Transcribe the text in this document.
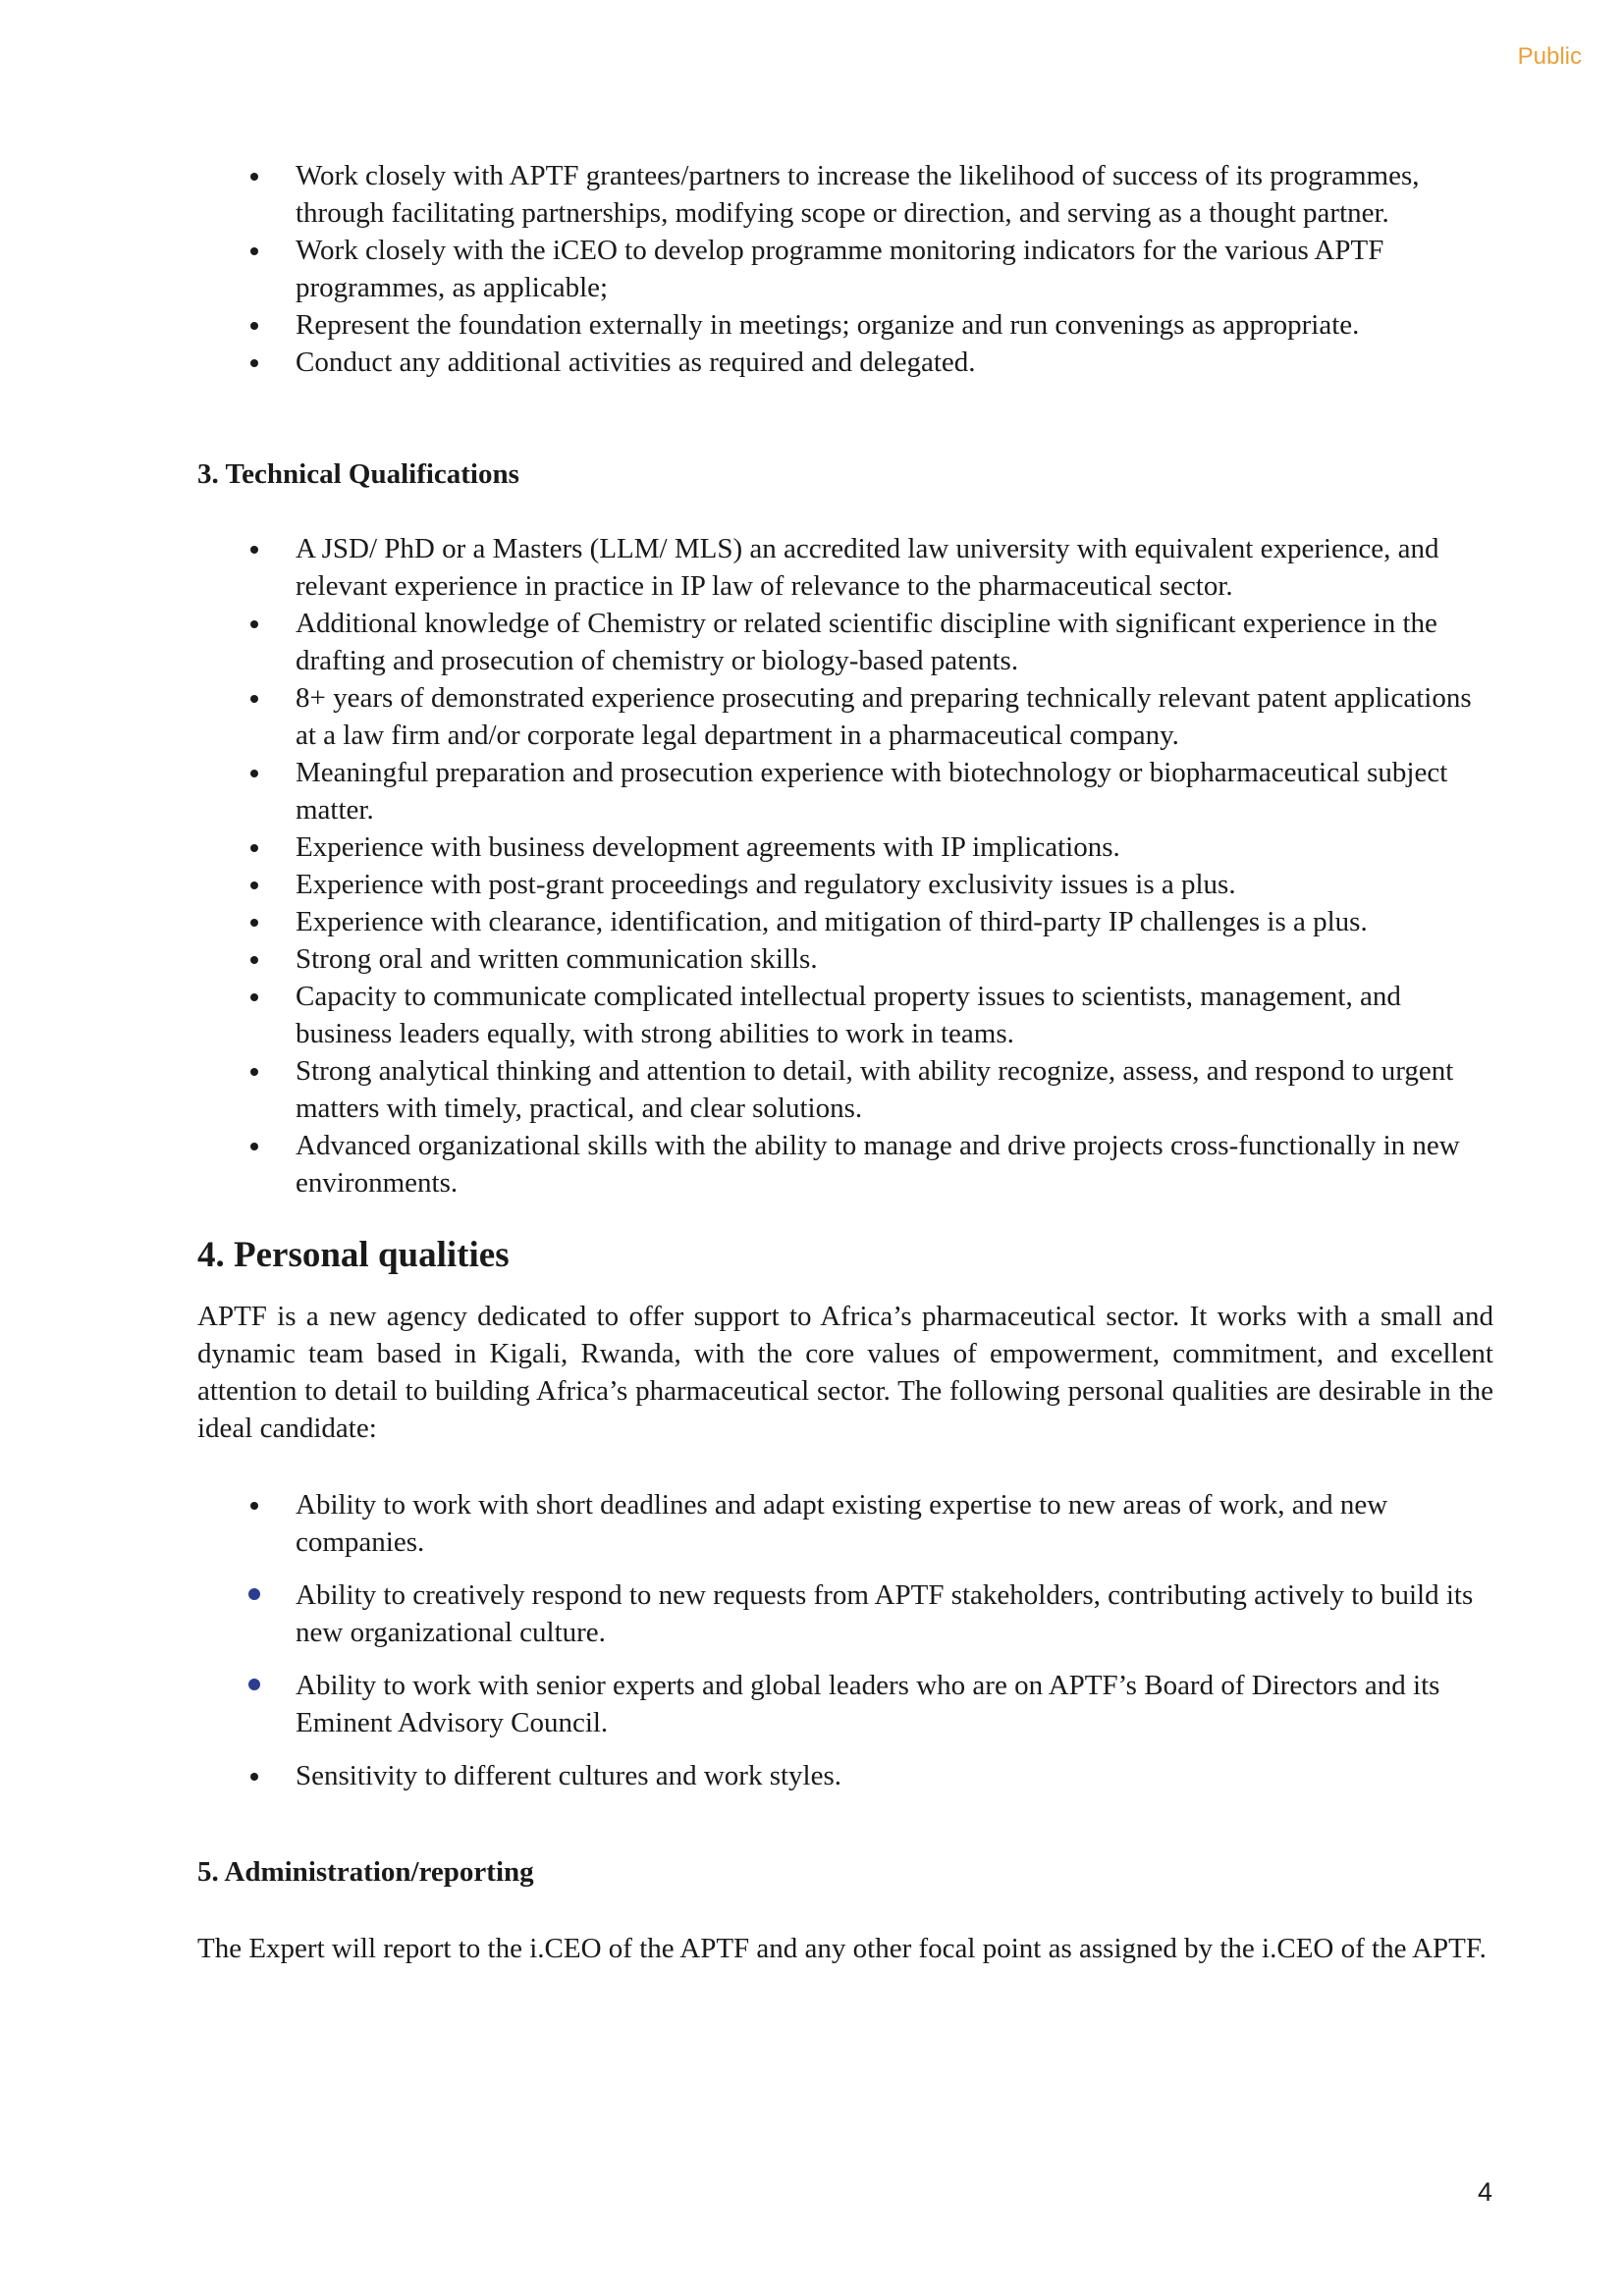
Public
Work closely with APTF grantees/partners to increase the likelihood of success of its programmes, through facilitating partnerships, modifying scope or direction, and serving as a thought partner.
Work closely with the iCEO to develop programme monitoring indicators for the various APTF programmes, as applicable;
Represent the foundation externally in meetings; organize and run convenings as appropriate.
Conduct any additional activities as required and delegated.
3. Technical Qualifications
A JSD/ PhD or a Masters (LLM/ MLS) an accredited law university with equivalent experience, and relevant experience in practice in IP law of relevance to the pharmaceutical sector.
Additional knowledge of Chemistry or related scientific discipline with significant experience in the drafting and prosecution of chemistry or biology-based patents.
8+ years of demonstrated experience prosecuting and preparing technically relevant patent applications at a law firm and/or corporate legal department in a pharmaceutical company.
Meaningful preparation and prosecution experience with biotechnology or biopharmaceutical subject matter.
Experience with business development agreements with IP implications.
Experience with post-grant proceedings and regulatory exclusivity issues is a plus.
Experience with clearance, identification, and mitigation of third-party IP challenges is a plus.
Strong oral and written communication skills.
Capacity to communicate complicated intellectual property issues to scientists, management, and business leaders equally, with strong abilities to work in teams.
Strong analytical thinking and attention to detail, with ability recognize, assess, and respond to urgent matters with timely, practical, and clear solutions.
Advanced organizational skills with the ability to manage and drive projects cross-functionally in new environments.
4. Personal qualities

APTF is a new agency dedicated to offer support to Africa’s pharmaceutical sector. It works with a small and dynamic team based in Kigali, Rwanda, with the core values of empowerment, commitment, and excellent attention to detail to building Africa’s pharmaceutical sector. The following personal qualities are desirable in the ideal candidate:

Ability to work with short deadlines and adapt existing expertise to new areas of work, and new companies.
Ability to creatively respond to new requests from APTF stakeholders, contributing actively to build its new organizational culture.
Ability to work with senior experts and global leaders who are on APTF’s Board of Directors and its Eminent Advisory Council.
Sensitivity to different cultures and work styles.
5. Administration/reporting

The Expert will report to the i.CEO of the APTF and any other focal point as assigned by the i.CEO of the APTF.

4
